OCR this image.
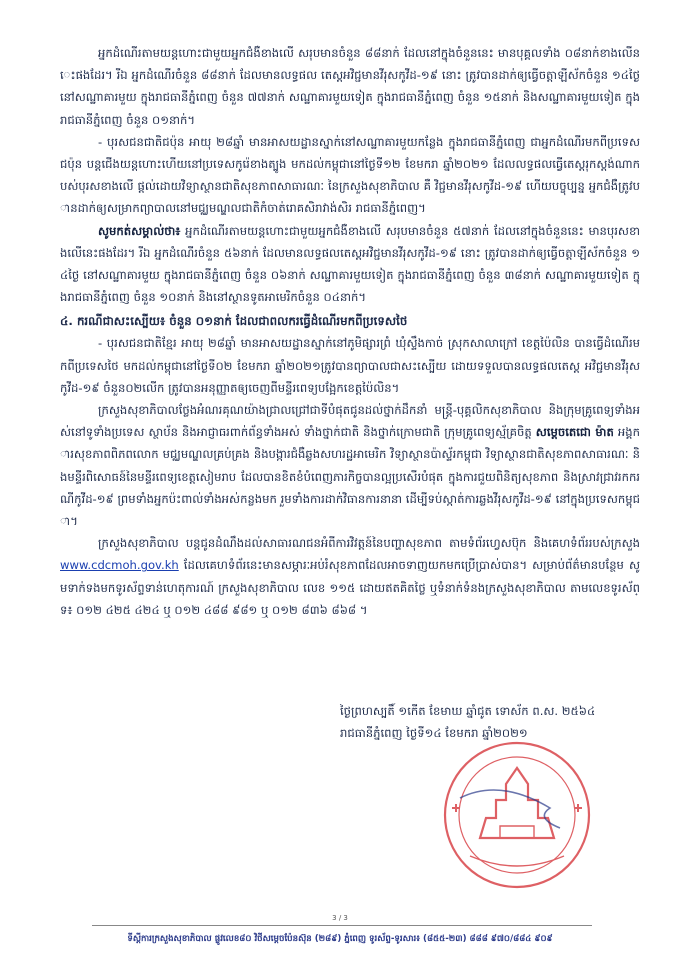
អ្នកដំណើរតាមយន្តហោះជាមួយអ្នកជំងឺខាងលើ សរុបមានចំនួន ៨៨នាក់ ដែលនៅក្នុងចំនួននេះ មានបុគ្គលទាំង ០៨នាក់ខាងលើនេះផងដែរ។ រីឯ អ្នកដំណើរចំនួន ៨៨នាក់ ដែលមានលទ្ធផល តេស្តអវិជ្ជមានវីរុសកូវីដ-១៩ នោះ ត្រូវបានដាក់ឲ្យធ្វើចត្តាឡីស័កចំនួន ១៤ថ្ងៃ នៅសណ្ឋាគារមួយ ក្នុងរាជធានីភ្នំពេញ ចំនួន ៧៧នាក់ សណ្ឋាគារមួយទៀត ក្នុងរាជធានីភ្នំពេញ ចំនួន ១៥នាក់ និងសណ្ឋាគារមួយទៀត ក្នុងរាជធានីភ្នំពេញ ចំនួន ០១នាក់។

- បុរសជនជាតិជប៉ុន អាយុ ២៨ឆ្នាំ មានអាសយដ្ឋានស្នាក់នៅសណ្ឋាគារមួយកន្លែង ក្នុងរាជធានីភ្នំពេញ ជាអ្នកដំណើរមកពីប្រទេសជប៉ុន បន្តជើងយន្តហោះហើយនៅប្រទេសកូរ៉េខាងត្បូង មកដល់កម្ពុជានៅថ្ងៃទី១២ ខែមករា ឆ្នាំ២០២១ ដែលលទ្ធផលធ្វើតេស្តរុកស្តង់ណាកបស់បុរសខាងលើ ផ្ដល់ដោយវិទ្យាស្ថានជាតិសុខភាពសាធារណៈ នៃក្រសួងសុខាភិបាល គឺ វិជ្ជមានវីរុសកូវីដ-១៩ ហើយបច្ចុប្បន្ន អ្នកជំងឺត្រូវបានដាក់ឲ្យសម្រាកព្យាបាលនៅមជ្ឈមណ្ឌលជាតិកំចាត់រោគសិរាវាង់សិរ រាជធានីភ្នំពេញ។

សូមកត់សម្គាល់ថា៖ អ្នកដំណើរតាមយន្តហោះជាមួយអ្នកជំងឺខាងលើ សរុបមានចំនួន ៥៧នាក់ ដែលនៅក្នុងចំនួននេះ មានបុរសខាងលើនេះផងដែរ។ រីឯ អ្នកដំណើរចំនួន ៥៦នាក់ ដែលមានលទ្ធផលតេស្តអវិជ្ជមានវីរុសកូវីដ-១៩ នោះ ត្រូវបានដាក់ឲ្យធ្វើចត្តាឡីស័កចំនួន ១៤ថ្ងៃ នៅសណ្ឋាគារមួយ ក្នុងរាជធានីភ្នំពេញ ចំនួន ០៦នាក់ សណ្ឋាគារមួយទៀត ក្នុងរាជធានីភ្នំពេញ ចំនួន ៣៨នាក់ សណ្ឋាគារមួយទៀត ក្នុងរាជធានីភ្នំពេញ ចំនួន ១០នាក់ និងនៅស្ថានទូតអាមេរិកចំនួន ០៤នាក់។

៤. ករណីជាសះស្បើយ៖ ចំនួន ០១នាក់ ដែលជាពលករធ្វើដំណើរមកពីប្រទេសថៃ

- បុរសជនជាតិខ្មែរ អាយុ ២៨ឆ្នាំ មានអាសយដ្ឋានស្នាក់នៅភូមិផ្សារព្រំ ឃុំស្ទឹងកាច់ ស្រុកសាលាក្រៅ ខេត្តប៉ៃលិន បានធ្វើដំណើរមកពីប្រទេសថៃ មកដល់កម្ពុជានៅថ្ងៃទី០២ ខែមករា ឆ្នាំ២០២១ត្រូវបានព្យាបាលជាសះស្បើយ ដោយទទួលបានលទ្ធផលតេស្ត អវិជ្ជមានវីរុសកូវីដ-១៩ ចំនួន០២លើក ត្រូវបានអនុញ្ញាតឲ្យចេញពីមន្ទីរពេទ្យបង្អែកខេត្តប៉ៃលិន។

ក្រសួងសុខាភិបាលថ្លែងអំណរគុណយ៉ាងជ្រាលជ្រៅជាទីបំផុតជូនដល់ថ្នាក់ដឹកនាំ មន្ត្រី-បុគ្គលិកសុខាភិបាល និងក្រុមគ្រូពេទ្យទាំងអស់នៅទូទាំងប្រទេស ស្ថាប័ន និងអាជ្ញាធរពាក់ព័ន្ធទាំងអស់ ទាំងថ្នាក់ជាតិ និងថ្នាក់ក្រោមជាតិ ក្រុមគ្រូពេទ្យស្ម័គ្រចិត្ត សម្តេចតេជោ ម៉ាត អង្គការសុខភាពពិភពលោក មជ្ឈមណ្ឌលគ្រប់គ្រង និងបង្ការជំងឺឆ្លងសហរដ្ឋអាមេរិក វិទ្យាស្ថានប៉ាស្ទ័រកម្ពុជា វិទ្យាស្ថានជាតិសុខភាពសាធារណៈ និងមន្ទីរពិសោធន៍នៃមន្ទីរពេទ្យខេត្តសៀមរាប ដែលបានខិតខំបំពេញភារកិច្ចបានល្អប្រសើរបំផុត ក្នុងការជួយពិនិត្យសុខភាព និងស្រាវជ្រាវរកករណីកូវីដ-១៩ ព្រមទាំងអ្នកប៉ះពាល់ទាំងអស់កន្លងមក រួមទាំងការដាក់វិធានការនានា ដើម្បីទប់ស្កាត់ការឆ្លងវីរុសកូវីដ-១៩ នៅក្នុងប្រទេសកម្ពុជា។

ក្រសួងសុខាភិបាល បន្តជូនដំណឹងដល់សាធារណជនអំពីការវិវត្តន៍នៃបញ្ហាសុខភាព តាមទំព័រហ្វេសប៊ុក និងគេហទំព័ររបស់ក្រសួង www.cdcmoh.gov.kh ដែលគេហទំព័រនេះមានសម្ភារៈអប់រំសុខភាពដែលអាចទាញយកមកប្រើប្រាស់បាន។ សម្រាប់ព័ត៌មានបន្ថែម សូមទាក់ទងមកទូរស័ព្ទទាន់ហេតុការណ៍ ក្រសួងសុខាភិបាល លេខ ១១៥ ដោយឥតគិតថ្លៃ ឬទំនាក់ទំនងក្រសួងសុខាភិបាល តាមលេខទូរស័ព្ទ៖ ០១២ ៤២៥ ៤២៤ ឬ ០១២ ៤៨៨ ៩៨១ ឬ ០១២ ៨៣៦ ៨៦៨ ។

ថ្ងៃព្រហស្បតិ៍ ១កើត ខែមាឃ ឆ្នាំជូត ទោស័ក ព.ស. ២៥៦៤
រាជធានីភ្នំពេញ ថ្ងៃទី១៤ ខែមករា ឆ្នាំ២០២១
3 / 3
ទីស្តីការក្រសួងសុខាភិបាល ផ្លូវលេខ៨០ វិថីសម្តេចប៉ែនស៊ុន (២៨៩) ភ្នំពេញ ទូរស័ព្ទ-ទូរសារ៖ (៨៥៥-២៣) ៨៨៨ ៩៧០/៨៨៤ ៩០៩
